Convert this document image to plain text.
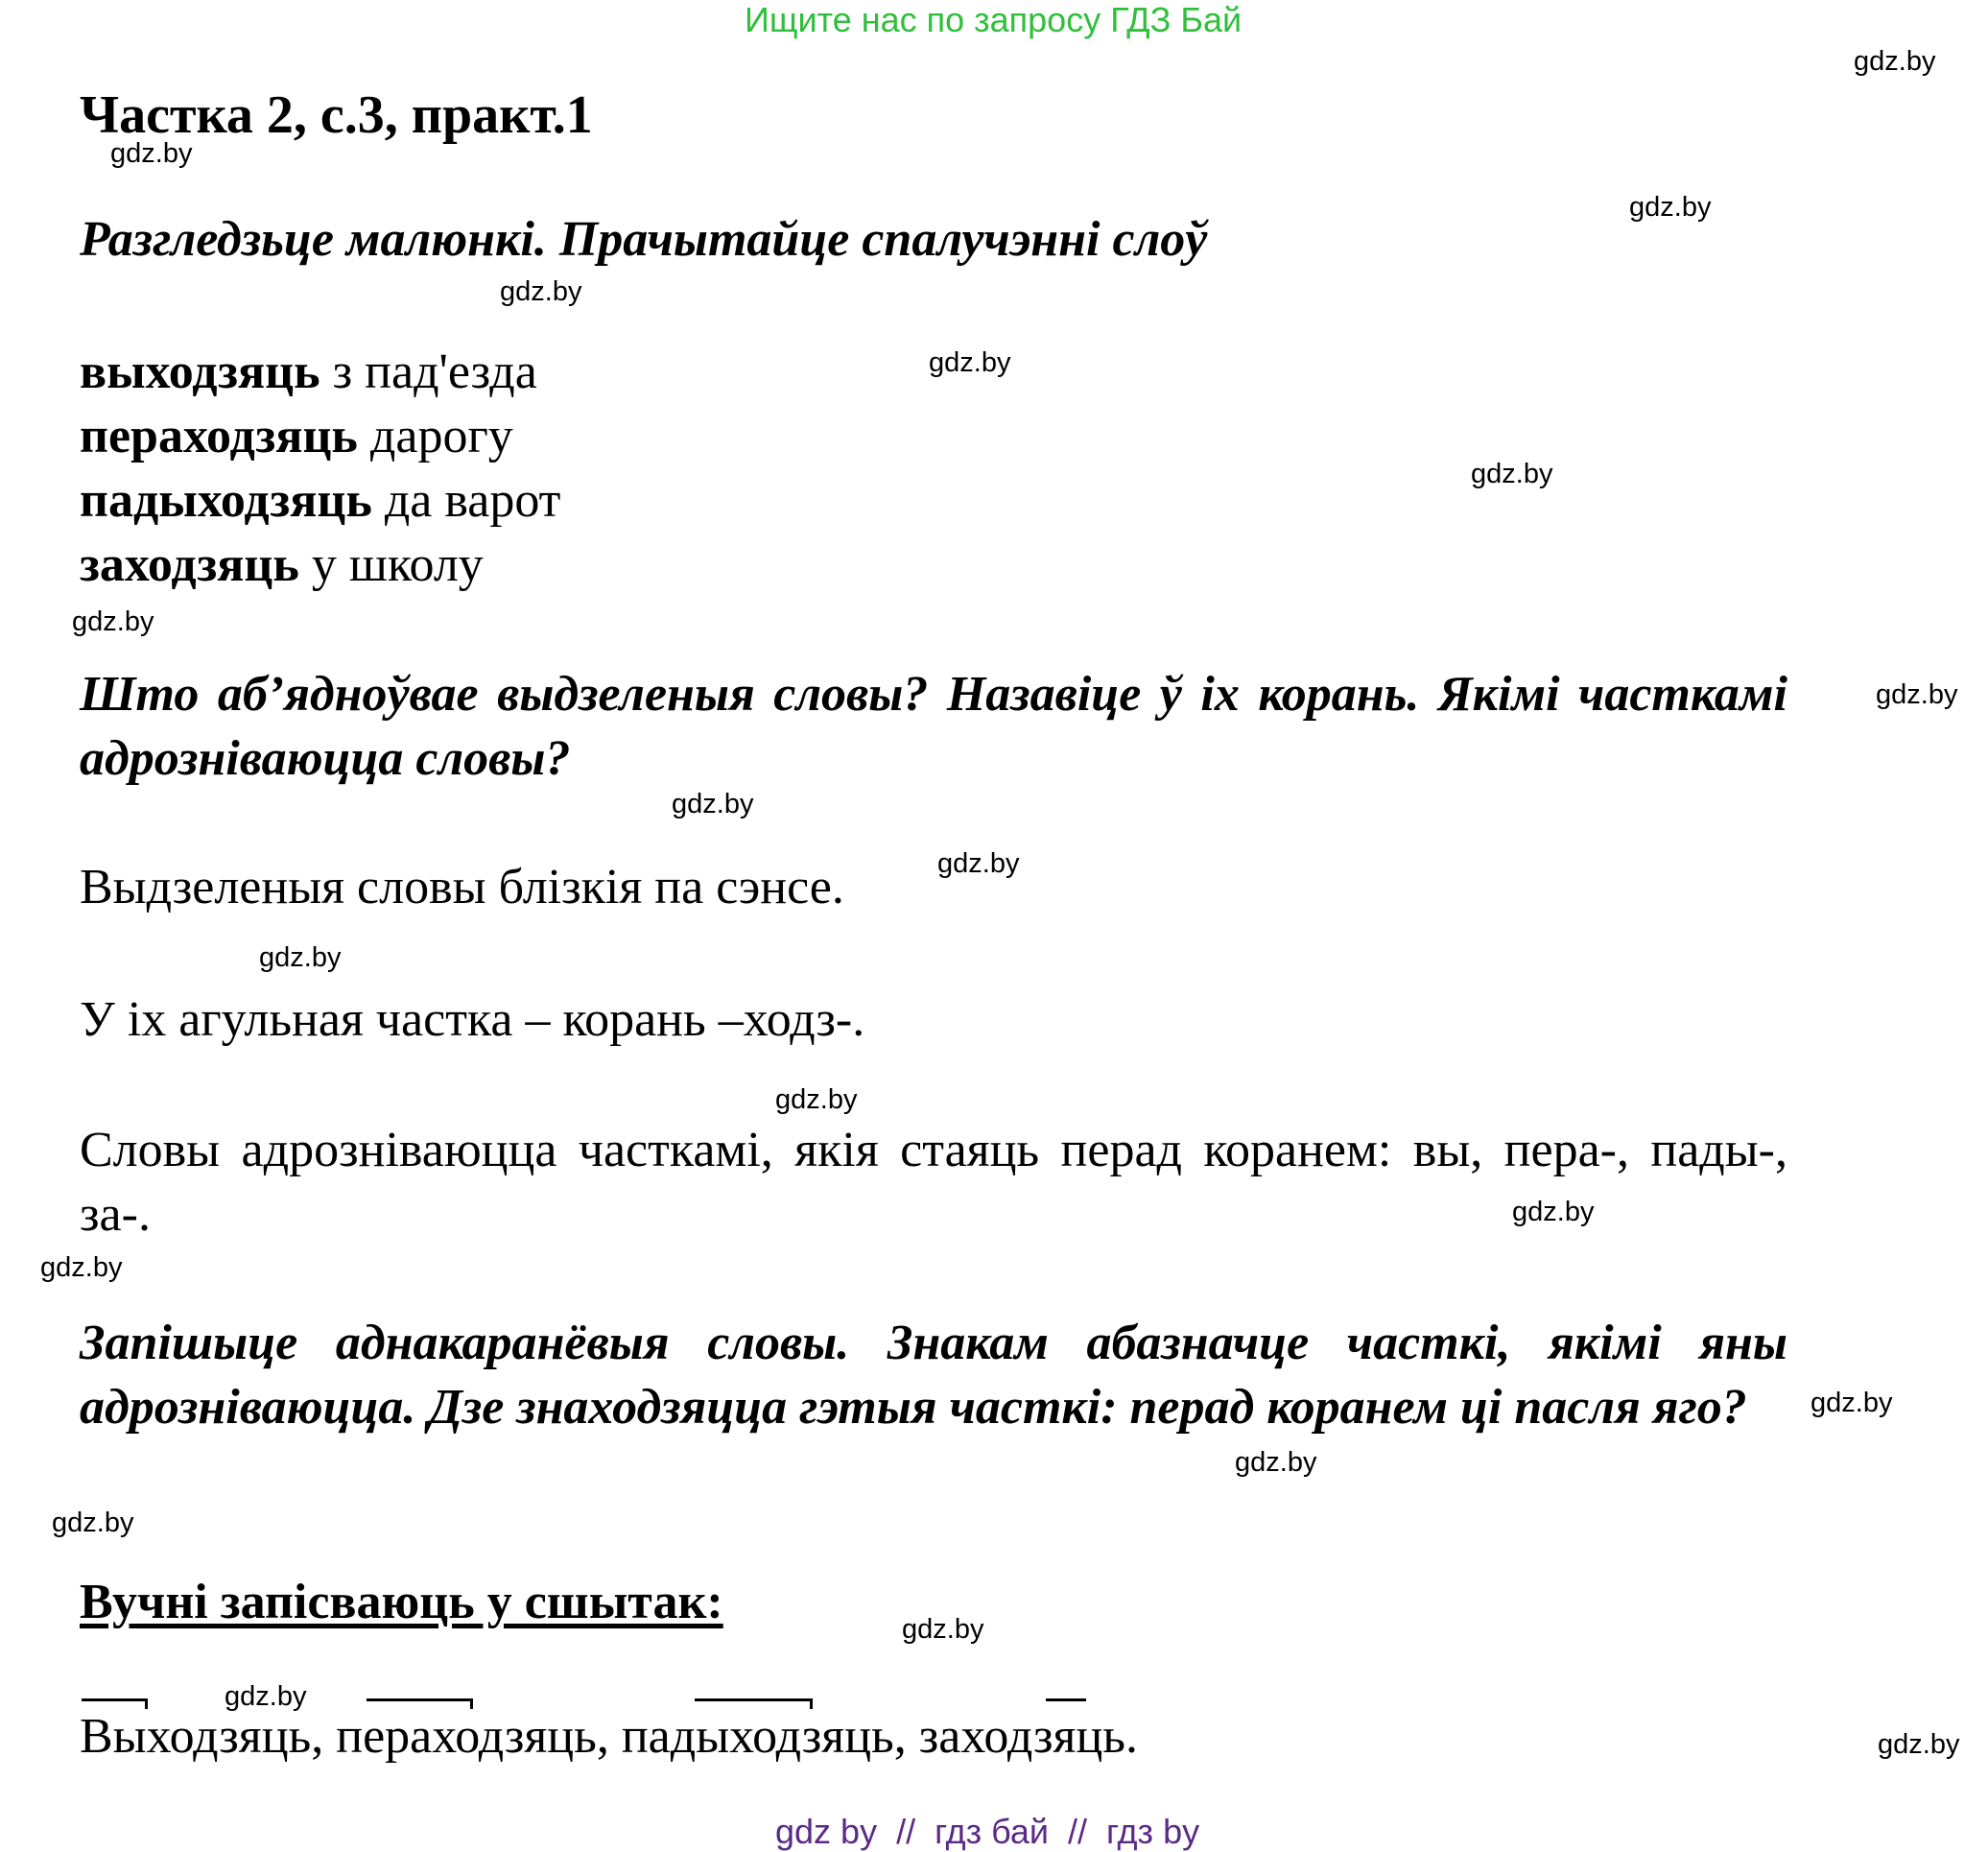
Ищите нас по запросу ГДЗ Бай
Частка 2, с.3, практ.1
Разгледзьце малюнкі. Прачытайце спалучэнні слоў
выходзяць з пад'езда
пераходзяць дарогу
падыходзяць да варот
заходзяць у школу
Што аб’ядноўвае выдзеленыя словы? Назавіце ў іх корань. Якімі часткамі адрозніваюцца словы?
Выдзеленыя словы блізкія па сэнсе.
У іх агульная частка – корань –ходз-.
Словы адрозніваюцца часткамі, якія стаяць перад коранем: вы, пера-, пады-, за-.
Запішыце аднакаранёвыя словы. Знакам абазначце часткі, якімі яны адрозніваюцца. Дзе знаходзяцца гэтыя часткі: перад коранем ці пасля яго?
Вучні запісваюць у сшытак:
Выходзяць, пераходзяць, падыходзяць, заходзяць.
gdz.by
gdz.by
gdz.by
gdz.by
gdz.by
gdz.by
gdz.by
gdz.by
gdz.by
gdz.by
gdz.by
gdz.by
gdz.by
gdz.by
gdz.by
gdz.by
gdz.by
gdz.by
gdz.by
gdz.by
gdz by  //  гдз бай  //  гдз by
